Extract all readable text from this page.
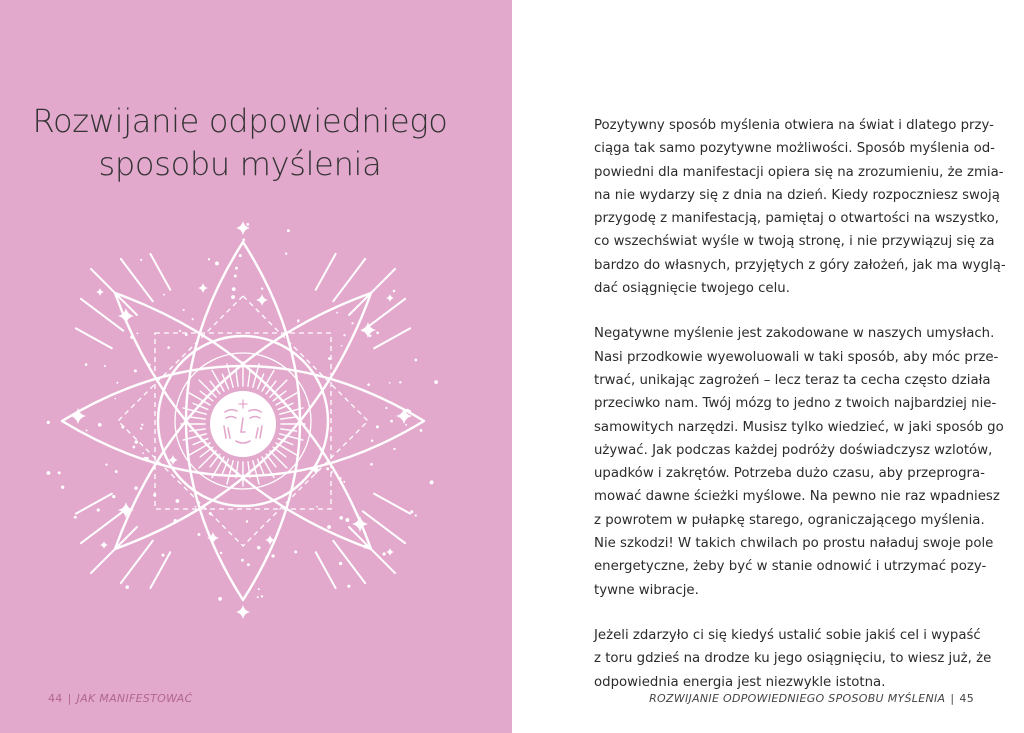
Rozwijanie odpowiedniego
sposobu myślenia
44 | JAK MANIFESTOWAĆ

Pozytywny sposób myślenia otwiera na świat i dlatego przy-
ciąga tak samo pozytywne możliwości. Sposób myślenia od-
powiedni dla manifestacji opiera się na zrozumieniu, że zmia-
na nie wydarzy się z dnia na dzień. Kiedy rozpoczniesz swoją
przygodę z manifestacją, pamiętaj o otwartości na wszystko,
co wszechświat wyśle w twoją stronę, i nie przywiązuj się za
bardzo do własnych, przyjętych z góry założeń, jak ma wyglą-
dać osiągnięcie twojego celu.

Negatywne myślenie jest zakodowane w naszych umysłach.
Nasi przodkowie wyewoluowali w taki sposób, aby móc prze-
trwać, unikając zagrożeń – lecz teraz ta cecha często działa
przeciwko nam. Twój mózg to jedno z twoich najbardziej nie-
samowitych narzędzi. Musisz tylko wiedzieć, w jaki sposób go
używać. Jak podczas każdej podróży doświadczysz wzlotów,
upadków i zakrętów. Potrzeba dużo czasu, aby przeprogra-
mować dawne ścieżki myślowe. Na pewno nie raz wpadniesz
z powrotem w pułapkę starego, ograniczającego myślenia.
Nie szkodzi! W takich chwilach po prostu naładuj swoje pole
energetyczne, żeby być w stanie odnowić i utrzymać pozy-
tywne wibracje.

Jeżeli zdarzyło ci się kiedyś ustalić sobie jakiś cel i wypaść
z toru gdzieś na drodze ku jego osiągnięciu, to wiesz już, że
odpowiednia energia jest niezwykle istotna.

ROZWIJANIE ODPOWIEDNIEGO SPOSOBU MYŚLENIA | 45
